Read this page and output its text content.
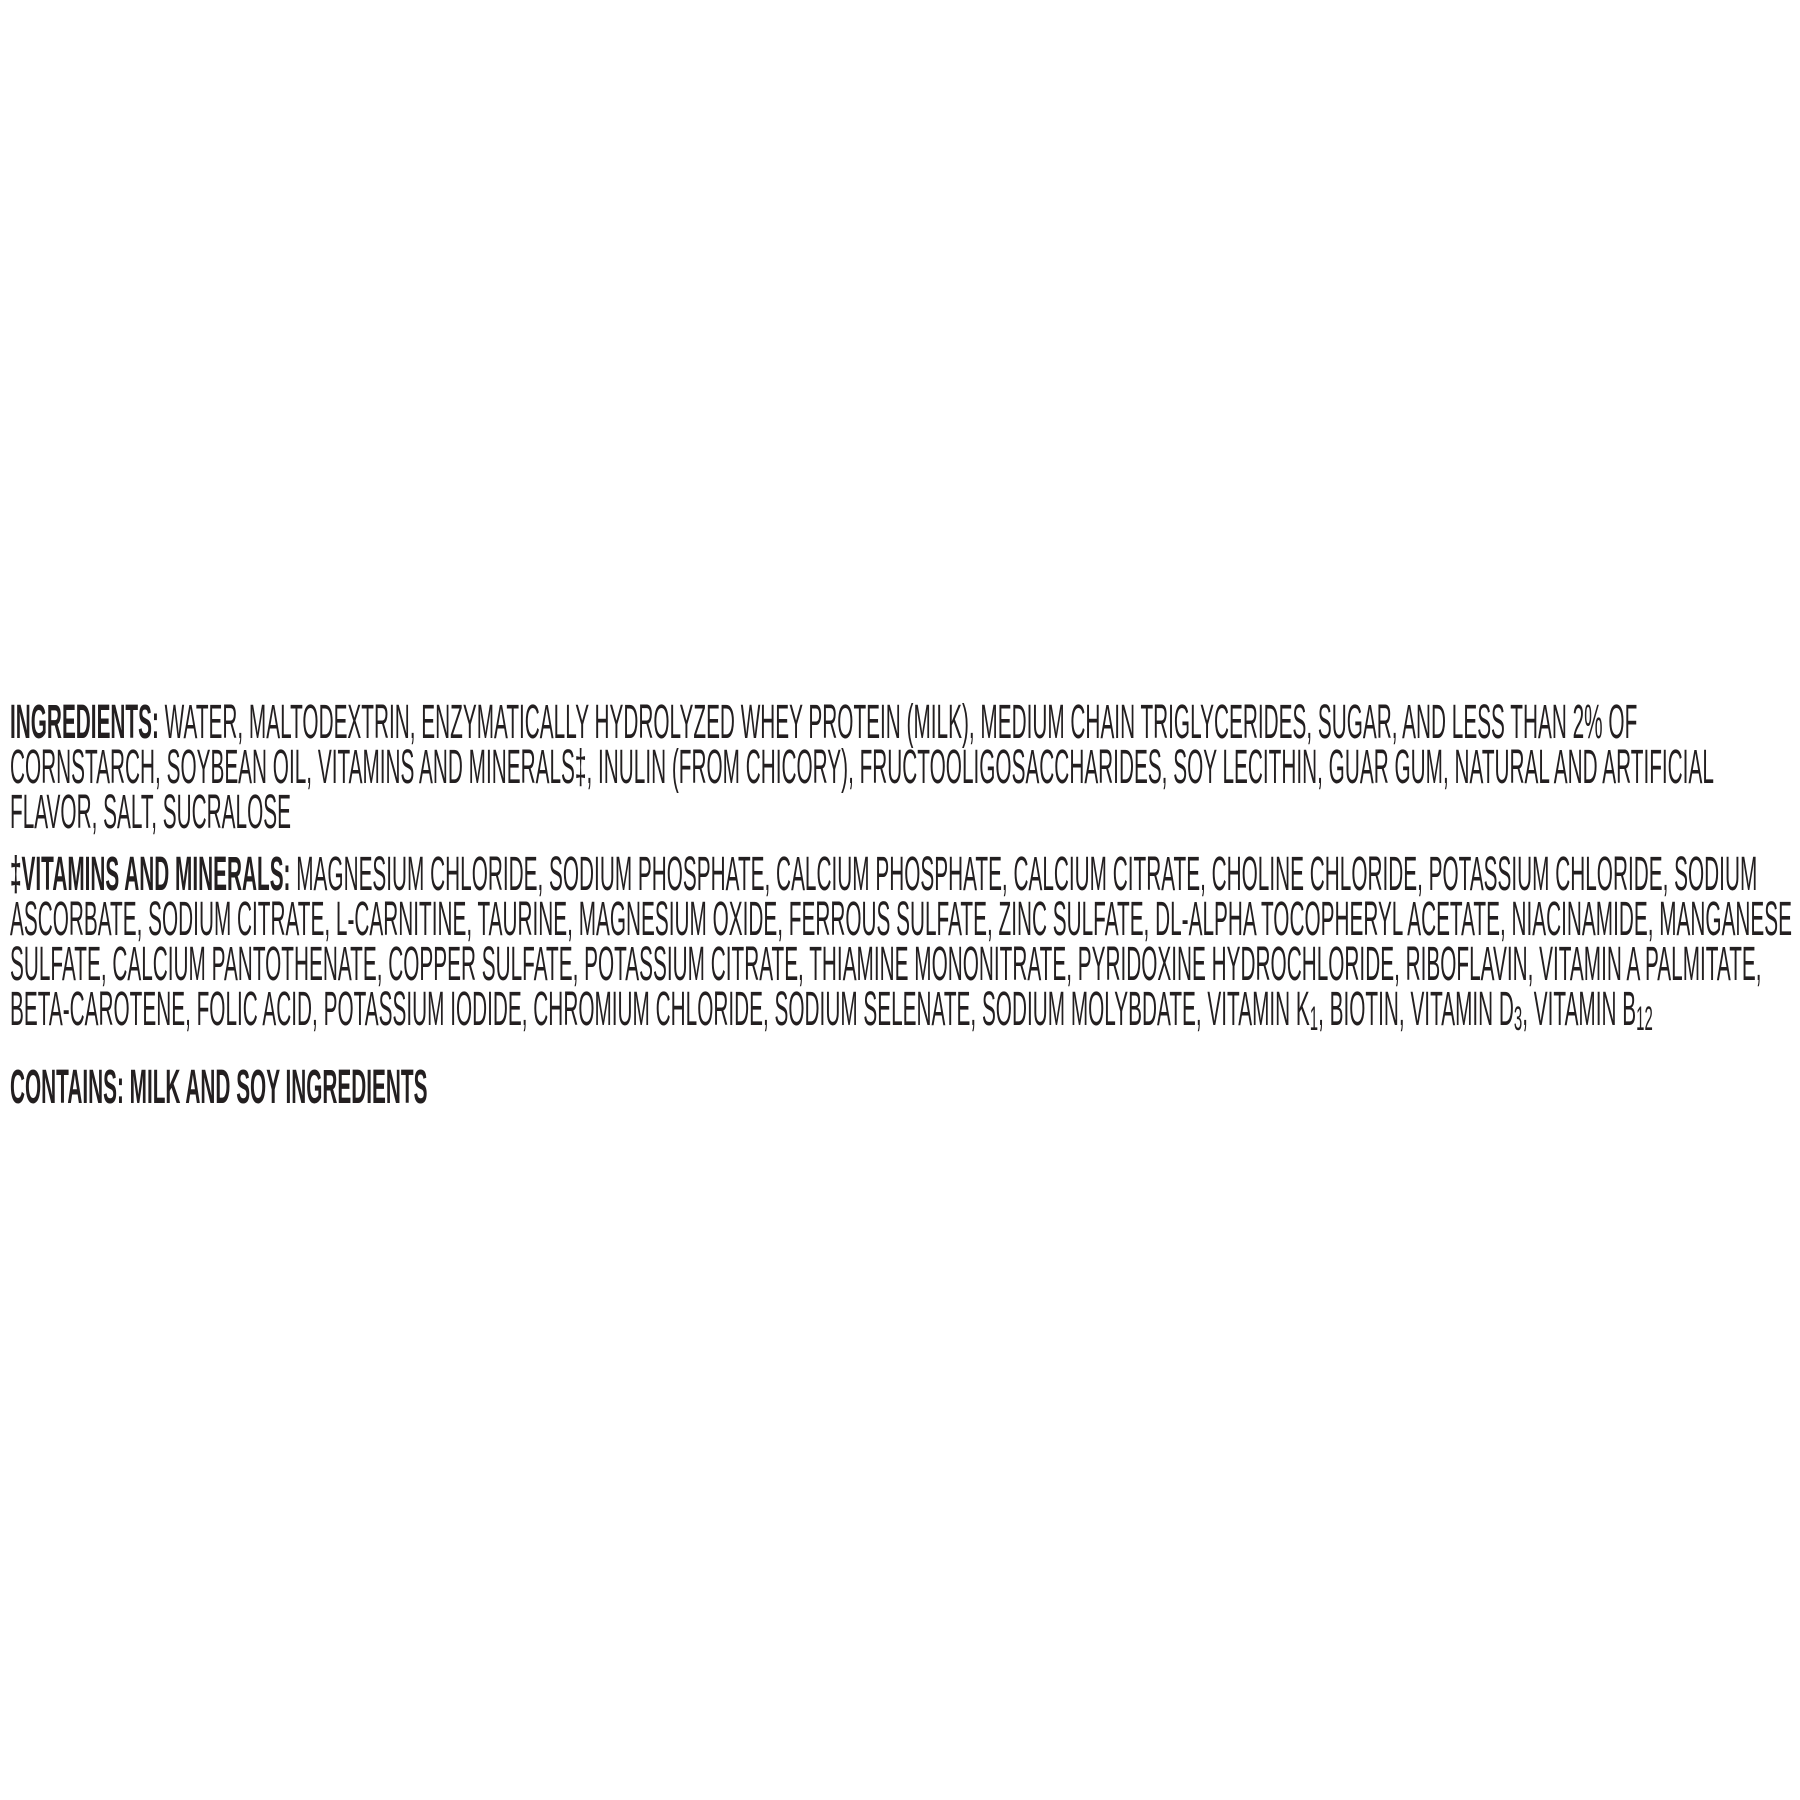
INGREDIENTS: WATER, MALTODEXTRIN, ENZYMATICALLY HYDROLYZED WHEY PROTEIN (MILK), MEDIUM CHAIN TRIGLYCERIDES, SUGAR, AND LESS THAN 2% OF
CORNSTARCH, SOYBEAN OIL, VITAMINS AND MINERALS‡, INULIN (FROM CHICORY), FRUCTOOLIGOSACCHARIDES, SOY LECITHIN, GUAR GUM, NATURAL AND ARTIFICIAL
FLAVOR, SALT, SUCRALOSE
‡VITAMINS AND MINERALS: MAGNESIUM CHLORIDE, SODIUM PHOSPHATE, CALCIUM PHOSPHATE, CALCIUM CITRATE, CHOLINE CHLORIDE, POTASSIUM CHLORIDE, SODIUM
ASCORBATE, SODIUM CITRATE, L-CARNITINE, TAURINE, MAGNESIUM OXIDE, FERROUS SULFATE, ZINC SULFATE, DL-ALPHA TOCOPHERYL ACETATE, NIACINAMIDE, MANGANESE
SULFATE, CALCIUM PANTOTHENATE, COPPER SULFATE, POTASSIUM CITRATE, THIAMINE MONONITRATE, PYRIDOXINE HYDROCHLORIDE, RIBOFLAVIN, VITAMIN A PALMITATE,
BETA-CAROTENE, FOLIC ACID, POTASSIUM IODIDE, CHROMIUM CHLORIDE, SODIUM SELENATE, SODIUM MOLYBDATE, VITAMIN K1, BIOTIN, VITAMIN D3, VITAMIN B12
CONTAINS: MILK AND SOY INGREDIENTS
